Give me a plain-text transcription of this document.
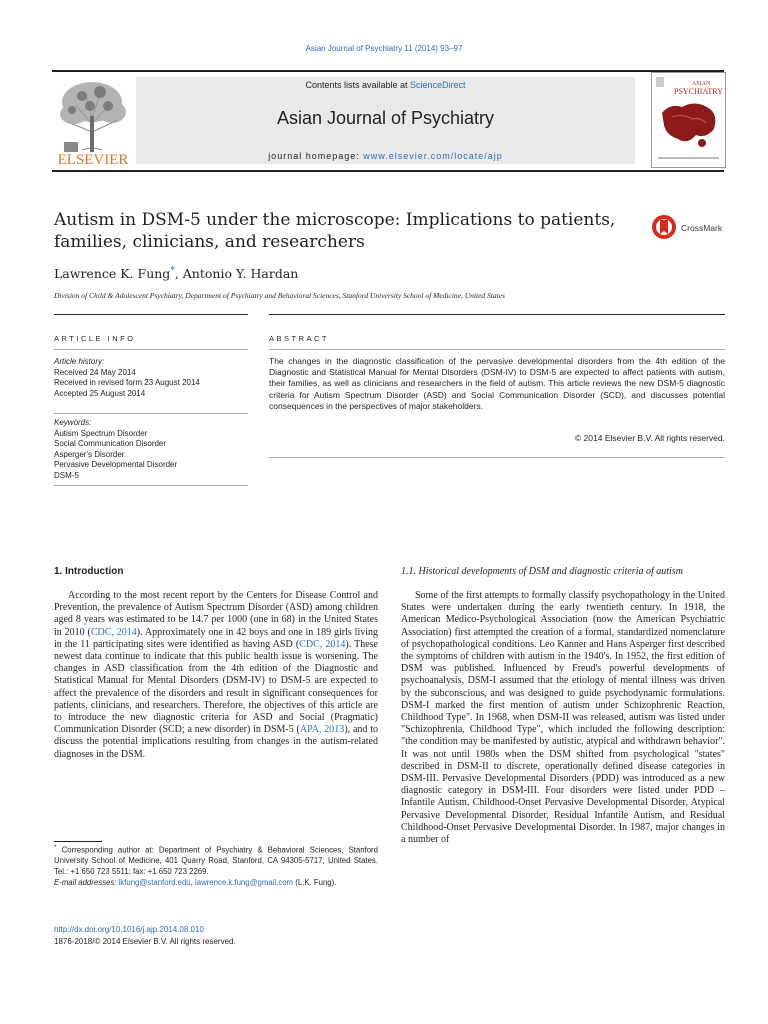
Asian Journal of Psychiatry 11 (2014) 93–97
ELSEVIER
Contents lists available at ScienceDirect
Asian Journal of Psychiatry
journal homepage: www.elsevier.com/locate/ajp
ASIAN
PSYCHIATRY
Autism in DSM-5 under the microscope: Implications to patients, families, clinicians, and researchers
CrossMark
Lawrence K. Fung*, Antonio Y. Hardan
Division of Child & Adolescent Psychiatry, Department of Psychiatry and Behavioral Sciences, Stanford University School of Medicine, United States
ARTICLE INFO	ABSTRACT
Article history:
Received 24 May 2014
Received in revised form 23 August 2014
Accepted 25 August 2014
Keywords:
Autism Spectrum Disorder
Social Communication Disorder
Asperger's Disorder
Pervasive Developmental Disorder
DSM-5
The changes in the diagnostic classification of the pervasive developmental disorders from the 4th edition of the Diagnostic and Statistical Manual for Mental Disorders (DSM-IV) to DSM-5 are expected to affect patients with autism, their families, as well as clinicians and researchers in the field of autism. This article reviews the new DSM-5 diagnostic criteria for Autism Spectrum Disorder (ASD) and Social Communication Disorder (SCD), and discusses potential consequences in the perspectives of major stakeholders.
© 2014 Elsevier B.V. All rights reserved.
1. Introduction
According to the most recent report by the Centers for Disease Control and Prevention, the prevalence of Autism Spectrum Disorder (ASD) among children aged 8 years was estimated to be 14.7 per 1000 (one in 68) in the United States in 2010 (CDC, 2014). Approximately one in 42 boys and one in 189 girls living in the 11 participating sites were identified as having ASD (CDC, 2014). These newest data continue to indicate that this public health issue is worsening. The changes in ASD classification from the 4th edition of the Diagnostic and Statistical Manual for Mental Disorders (DSM-IV) to DSM-5 are expected to affect the prevalence of the disorders and result in significant consequences for patients, clinicians, and researchers. Therefore, the objectives of this article are to introduce the new diagnostic criteria for ASD and Social (Pragmatic) Communication Disorder (SCD; a new disorder) in DSM-5 (APA, 2013), and to discuss the potential implications resulting from changes in the autism-related diagnoses in the DSM.
1.1. Historical developments of DSM and diagnostic criteria of autism
Some of the first attempts to formally classify psychopathology in the United States were undertaken during the early twentieth century. In 1918, the American Medico-Psychological Association (now the American Psychiatric Association) first attempted the creation of a formal, standardized nomenclature of psychopathological conditions. Leo Kanner and Hans Asperger first described the symptoms of children with autism in the 1940's. In 1952, the first edition of DSM was published. Influenced by Freud's powerful developments of psychoanalysis, DSM-I assumed that the etiology of mental illness was driven by the subconscious, and was designed to guide psychodynamic formulations. DSM-I marked the first mention of autism under Schizophrenic Reaction, Childhood Type". In 1968, when DSM-II was released, autism was listed under "Schizophrenia, Childhood Type", which included the following description: "the condition may be manifested by autistic, atypical and withdrawn behavior". It was not until 1980s when the DSM shifted from psychological "states" described in DSM-II to discrete, operationally defined disease categories in DSM-III. Pervasive Developmental Disorders (PDD) was introduced as a new diagnostic category in DSM-III. Four disorders were listed under PDD – Infantile Autism, Childhood-Onset Pervasive Developmental Disorder, Atypical Pervasive Developmental Disorder, Residual Infantile Autism, and Residual Childhood-Onset Pervasive Developmental Disorder. In 1987, major changes in a number of
* Corresponding author at: Department of Psychiatry & Behavioral Sciences, Stanford University School of Medicine, 401 Quarry Road, Stanford, CA 94305-5717, United States. Tel.: +1 650 723 5511; fax: +1 650 723 2269.
E-mail addresses: lkfung@stanford.edu, lawrence.k.fung@gmail.com (L.K. Fung).
http://dx.doi.org/10.1016/j.ajp.2014.08.010
1876-2018/© 2014 Elsevier B.V. All rights reserved.
